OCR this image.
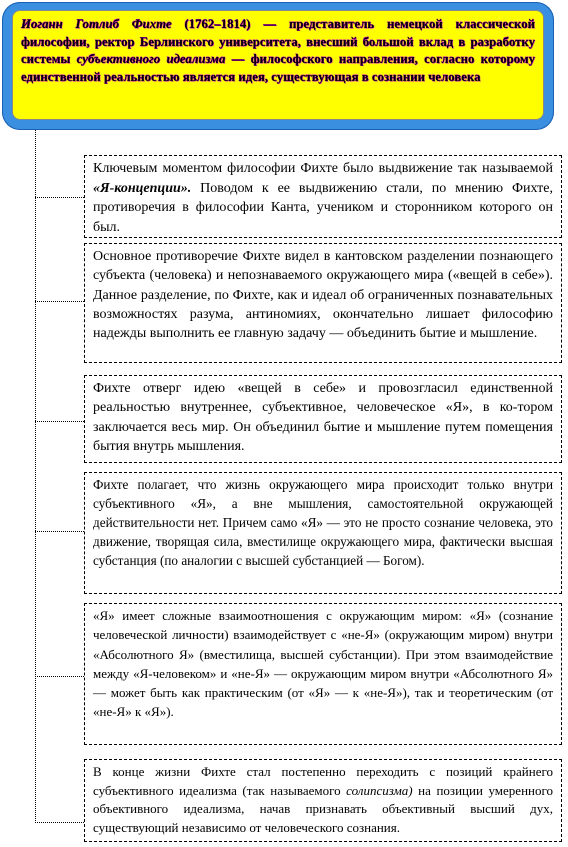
Иоганн Готлиб Фихте (1762–1814) — представитель немецкой классической философии, ректор Берлинского университета, внесший большой вклад в разработку системы субъективного идеализма — философского направления, согласно которому единственной реальностью является идея, существующая в сознании человека
Ключевым моментом философии Фихте было выдвижение так называемой «Я-концепции». Поводом к ее выдвижению стали, по мнению Фихте, противоречия в философии Канта, учеником и сторонником которого он был.
Основное противоречие Фихте видел в кантовском разделении познающего субъекта (человека) и непознаваемого окружающего мира («вещей в себе»). Данное разделение, по Фихте, как и идеал об ограниченных познавательных возможностях разума, антиномиях, окончательно лишает философию надежды выполнить ее главную задачу — объединить бытие и мышление.
Фихте отверг идею «вещей в себе» и провозгласил единственной реальностью внутреннее, субъективное, человеческое «Я», в ко-тором заключается весь мир. Он объединил бытие и мышление путем помещения бытия внутрь мышления.
Фихте полагает, что жизнь окружающего мира происходит только внутри субъективного «Я», а вне мышления, самостоятельной окружающей действительности нет. Причем само «Я» — это не просто сознание человека, это движение, творящая сила, вместилище окружающего мира, фактически высшая субстанция (по аналогии с высшей субстанцией — Богом).
«Я» имеет сложные взаимоотношения с окружающим миром: «Я» (сознание человеческой личности) взаимодействует с «не-Я» (окружающим миром) внутри «Абсолютного Я» (вместилища, высшей субстанции). При этом взаимодействие между «Я-человеком» и «не-Я» — окружающим миром внутри «Абсолютного Я» — может быть как практическим (от «Я» — к «не-Я»), так и теоретическим (от «не-Я» к «Я»).
В конце жизни Фихте стал постепенно переходить с позиций крайнего субъективного идеализма (так называемого солипсизма) на позиции умеренного объективного идеализма, начав признавать объективный высший дух, существующий независимо от человеческого сознания.
